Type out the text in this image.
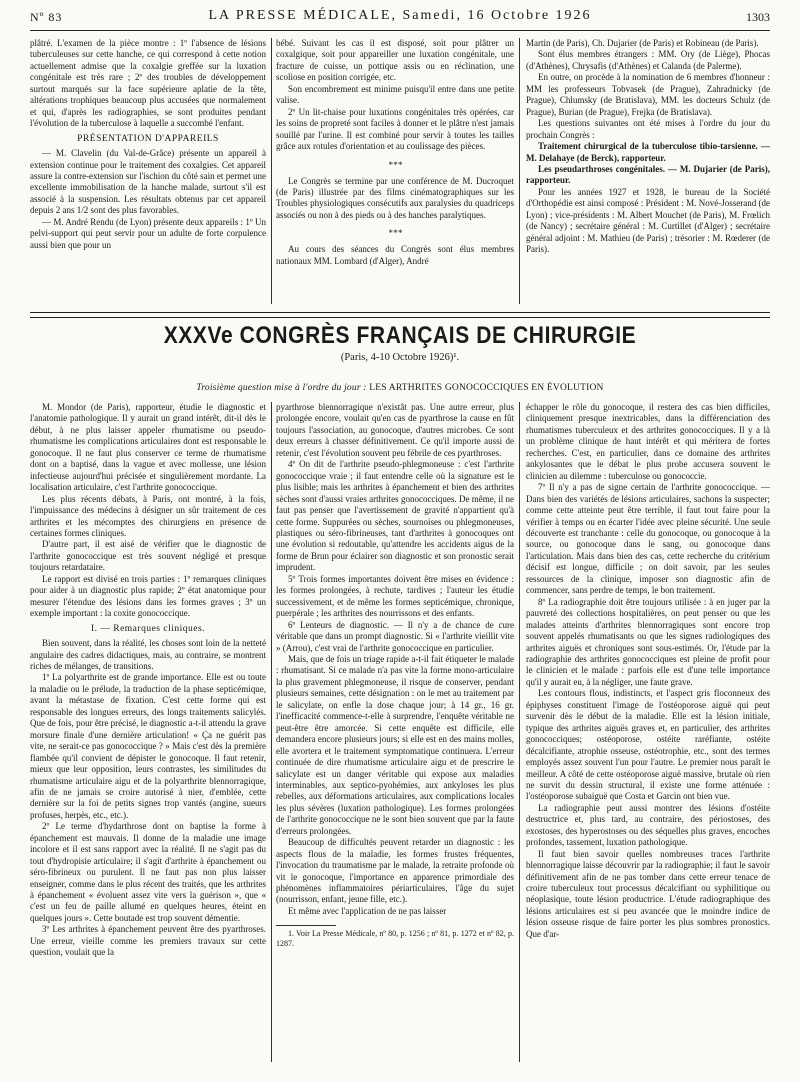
Nº 83	LA PRESSE MÉDICALE, Samedi, 16 Octobre 1926	1303

plâtré. L'examen de la pièce montre : 1º l'absence de lésions tuberculeuses sur cette hanche, ce qui correspond à cette notion actuellement admise que la coxalgie greffée sur la luxation congénitale est très rare ; 2º des troubles de développement surtout marqués sur la face supérieure aplatie de la tête, altérations trophiques beaucoup plus accusées que normalement et qui, d'après les radiographies, se sont produites pendant l'évolution de la tuberculose à laquelle a succombé l'enfant.

PRÉSENTATION D'APPAREILS

— M. Clavelin (du Val-de-Grâce) présente un appareil à extension continue pour le traitement des coxalgies. Cet appareil assure la contre-extension sur l'ischion du côté sain et permet une excellente immobilisation de la hanche malade, surtout s'il est associé à la suspension. Les résultats obtenus par cet appareil depuis 2 ans 1/2 sont des plus favorables.

— M. André Rendu (de Lyon) présente deux appareils : 1º Un pelvi-support qui peut servir pour un adulte de forte corpulence aussi bien que pour un

bébé. Suivant les cas il est disposé, soit pour plâtrer un coxalgique, soit pour appareiller une luxation congénitale, une fracture de cuisse, un pottique assis ou en réclination, une scoliose en position corrigée, etc.

Son encombrement est minime puisqu'il entre dans une petite valise.

2º Un lit-chaise pour luxations congénitales très opérées, car les soins de propreté sont faciles à donner et le plâtre n'est jamais souillé par l'urine. Il est combiné pour servir à toutes les tailles grâce aux rotules d'orientation et au coulissage des pièces.

* * *

Le Congrès se termine par une conférence de M. Ducroquet (de Paris) illustrée par des films cinématographiques sur les Troubles physiologiques consécutifs aux paralysies du quadriceps associés ou non à des pieds ou à des hanches paralytiques.

* * *

Au cours des séances du Congrès sont élus membres nationaux MM. Lombard (d'Alger), André

Martin (de Paris), Ch. Dujarier (de Paris) et Robineau (de Paris).

Sont élus membres étrangers : MM. Ory (de Liège), Phocas (d'Athènes), Chrysafis (d'Athènes) et Calanda (de Palerme).

En outre, on procède à la nomination de 6 membres d'honneur : MM les professeurs Tobvasek (de Prague), Zahradnicky (de Prague), Chlumsky (de Bratislava), MM. les docteurs Schulz (de Prague), Burian (de Prague), Frejka (de Bratislava).

Les questions suivantes ont été mises à l'ordre du jour du prochain Congrès :

Traitement chirurgical de la tuberculose tibio-tarsienne. — M. Delahaye (de Berck), rapporteur.

Les pseudarthroses congénitales. — M. Dujarier (de Paris), rapporteur.

Pour les années 1927 et 1928, le bureau de la Société d'Orthopédie est ainsi composé : Président : M. Nové-Josserand (de Lyon) ; vice-présidents : M. Albert Mouchet (de Paris), M. Frœlich (de Nancy) ; secrétaire général : M. Curtillet (d'Alger) ; secrétaire général adjoint : M. Mathieu (de Paris) ; trésorier : M. Rœderer (de Paris).

XXXVe CONGRÈS FRANÇAIS DE CHIRURGIE
(Paris, 4-10 Octobre 1926)¹.
Troisième question mise à l'ordre du jour : LES ARTHRITES GONOCOCCIQUES EN ÉVOLUTION

M. Mondor (de Paris), rapporteur, étudie le diagnostic et l'anatomie pathologique. Il y aurait un grand intérêt, dit-il dès le début, à ne plus laisser appeler rhumatisme ou pseudo-rhumatisme les complications articulaires dont est responsable le gonocoque. Il ne faut plus conserver ce terme de rhumatisme dont on a baptisé, dans la vague et avec mollesse, une lésion infectieuse aujourd'hui précisée et singulièrement mordante. La localisation articulaire, c'est l'arthrite gonococcique.

Les plus récents débats, à Paris, ont montré, à la fois, l'impuissance des médecins à désigner un sûr traitement de ces arthrites et les mécomptes des chirurgiens en présence de certaines formes cliniques.

D'autre part, il est aisé de vérifier que le diagnostic de l'arthrite gonococcique est très souvent négligé et presque toujours retardataire.

Le rapport est divisé en trois parties : 1º remarques cliniques pour aider à un diagnostic plus rapide; 2º état anatomique pour mesurer l'étendue des lésions dans les formes graves ; 3º un exemple important : la coxite gonococcique.

I. — Remarques cliniques.

Bien souvent, dans la réalité, les choses sont loin de la netteté angulaire des cadres didactiques, mais, au contraire, se montrent riches de mélanges, de transitions.

1º La polyarthrite est de grande importance. Elle est ou toute la maladie ou le prélude, la traduction de la phase septicémique, avant la métastase de fixation. C'est cette forme qui est responsable des longues erreurs, des longs traitements salicylés. Que de fois, pour être précisé, le diagnostic a-t-il attendu la grave morsure finale d'une dernière articulation! « Ça ne guérit pas vite, ne serait-ce pas gonococcique ? » Mais c'est dès la première flambée qu'il convient de dépister le gonocoque. Il faut retenir, mieux que leur opposition, leurs contrastes, les similitudes du rhumatisme articulaire aigu et de la polyarthrite blennorragique, afin de ne jamais se croire autorisé à nier, d'emblée, cette dernière sur la foi de petits signes trop vantés (angine, sueurs profuses, herpès, etc., etc.).

2º Le terme d'hydarthrose dont on baptise la forme à épanchement est mauvais. Il donne de la maladie une image incolore et il est sans rapport avec la réalité. Il ne s'agit pas du tout d'hydropisie articulaire; il s'agit d'arthrite à épanchement ou séro-fibrineux ou purulent. Il ne faut pas non plus laisser enseigner, comme dans le plus récent des traités, que les arthrites à épanchement « évoluent assez vite vers la guérison », que « c'est un feu de paille allumé en quelques heures, éteint en quelques jours ». Cette boutade est trop souvent démentie.

3º Les arthrites à épanchement peuvent être des pyarthroses. Une erreur, vieille comme les premiers travaux sur cette question, voulait que la

pyarthrose blennorragique n'existât pas. Une autre erreur, plus prolongée encore, voulait qu'en cas de pyarthrose la cause en fût toujours l'association, au gonocoque, d'autres microbes. Ce sont deux erreurs à chasser définitivement. Ce qu'il importe aussi de retenir, c'est l'évolution souvent peu fébrile de ces pyarthroses.

4º On dit de l'arthrite pseudo-phlegmoneuse : c'est l'arthrite gonococcique vraie ; il faut entendre celle où la signature est le plus lisible; mais les arthrites à épanchement et bien des arthrites sèches sont d'aussi vraies arthrites gonococciques. De même, il ne faut pas penser que l'avertissement de gravité n'appartient qu'à cette forme. Suppurées ou sèches, sournoises ou phlegmoneuses, plastiques ou séro-fibrineuses, tant d'arthrites à gonocoques ont une évolution si redoutable, qu'attendre les accidents aigus de la forme de Brun pour éclairer son diagnostic et son pronostic serait imprudent.

5º Trois formes importantes doivent être mises en évidence : les formes prolongées, à rechute, tardives ; l'auteur les étudie successivement, et de même les formes septicémique, chronique, puerpérale ; les arthrites des nourrissons et des enfants.

6º Lenteurs de diagnostic. — Il n'y a de chance de cure véritable que dans un prompt diagnostic. Si « l'arthrite vieillit vite » (Arrou), c'est vrai de l'arthrite gonococcique en particulier.

Mais, que de fois un triage rapide a-t-il fait étiqueter le malade : rhumatisant. Si ce malade n'a pas vite la forme mono-articulaire la plus gravement phlegmoneuse, il risque de conserver, pendant plusieurs semaines, cette désignation : on le met au traitement par le salicylate, on enfle la dose chaque jour; à 14 gr., 16 gr. l'inefficacité commence-t-elle à surprendre, l'enquête véritable ne peut-être être amorcée. Si cette enquête est difficile, elle demandera encore plusieurs jours; si elle est en des mains molles, elle avortera et le traitement symptomatique continuera. L'erreur continuée de dire rhumatisme articulaire aigu et de prescrire le salicylate est un danger véritable qui expose aux maladies interminables, aux septico-pyohémies, aux ankyloses les plus rebelles, aux déformations articulaires, aux complications locales les plus sévères (luxation pathologique). Les formes prolongées de l'arthrite gonococcique ne le sont bien souvent que par la faute d'erreurs prolongées.

Beaucoup de difficultés peuvent retarder un diagnostic : les aspects flous de la maladie, les formes frustes fréquentes, l'invocation du traumatisme par le malade, la retraite profonde où vit le gonocoque, l'importance en apparence primordiale des phénomènes inflammatoires périarticulaires, l'âge du sujet (nourrisson, enfant, jeune fille, etc.).

Et même avec l'application de ne pas laisser

1. Voir La Presse Médicale, nº 80, p. 1256 ; nº 81, p. 1272 et nº 82, p. 1287.

échapper le rôle du gonocoque, il restera des cas bien difficiles, cliniquement presque inextricables, dans la différenciation des rhumatismes tuberculeux et des arthrites gonococciques. Il y a là un problème clinique de haut intérêt et qui méritera de fortes recherches. C'est, en particulier, dans ce domaine des arthrites ankylosantes que le débat le plus probe accusera souvent le clinicien au dilemme : tuberculose ou gonococcie.

7º Il n'y a pas de signe certain de l'arthrite gonococcique. — Dans bien des variétés de lésions articulaires, sachons la suspecter; comme cette atteinte peut être terrible, il faut tout faire pour la vérifier à temps ou en écarter l'idée avec pleine sécurité. Une seule découverte est tranchante : celle du gonocoque, ou gonocoque à la source, ou gonocoque dans le sang, ou gonocoque dans l'articulation. Mais dans bien des cas, cette recherche du critérium décisif est longue, difficile ; on doit savoir, par les seules ressources de la clinique, imposer son diagnostic afin de commencer, sans perdre de temps, le bon traitement.

8º La radiographie doit être toujours utilisée : à en juger par la pauvreté des collections hospitalières, on peut penser ou que les malades atteints d'arthrites blennorragiques sont encore trop souvent appelés rhumatisants ou que les signes radiologiques des arthrites aiguës et chroniques sont sous-estimés. Or, l'étude par la radiographie des arthrites gonococciques est pleine de profit pour le clinicien et le malade : parfois elle est d'une telle importance qu'il y aurait eu, à la négliger, une faute grave.

Les contours flous, indistincts, et l'aspect gris floconneux des épiphyses constituent l'image de l'ostéoporose aiguë qui peut survenir dès le début de la maladie. Elle est la lésion initiale, typique des arthrites aiguës graves et, en particulier, des arthrites gonococciques; ostéoporose, ostéite raréfiante, ostéite décalcifiante, atrophie osseuse, ostéotrophie, etc., sont des termes employés assez souvent l'un pour l'autre. Le premier nous paraît le meilleur. A côté de cette ostéoporose aiguë massive, brutale où rien ne survit du dessin structural, il existe une forme atténuée : l'ostéoporose subaiguë que Costa et Garcin ont bien vue.

La radiographie peut aussi montrer des lésions d'ostéite destructrice et, plus tard, au contraire, des périostoses, des exostoses, des hyperostoses ou des séquelles plus graves, encoches profondes, tassement, luxation pathologique.

Il faut bien savoir quelles nombreuses traces l'arthrite blennorragique laisse découvrir par la radiographie; il faut le savoir définitivement afin de ne pas tomber dans cette erreur tenace de croire tuberculeux tout processus décalcifiant ou syphilitique ou néoplasique, toute lésion productrice. L'étude radiographique des lésions articulaires est si peu avancée que le moindre indice de lésion osseuse risque de faire porter les plus sombres pronostics. Que d'ar-
